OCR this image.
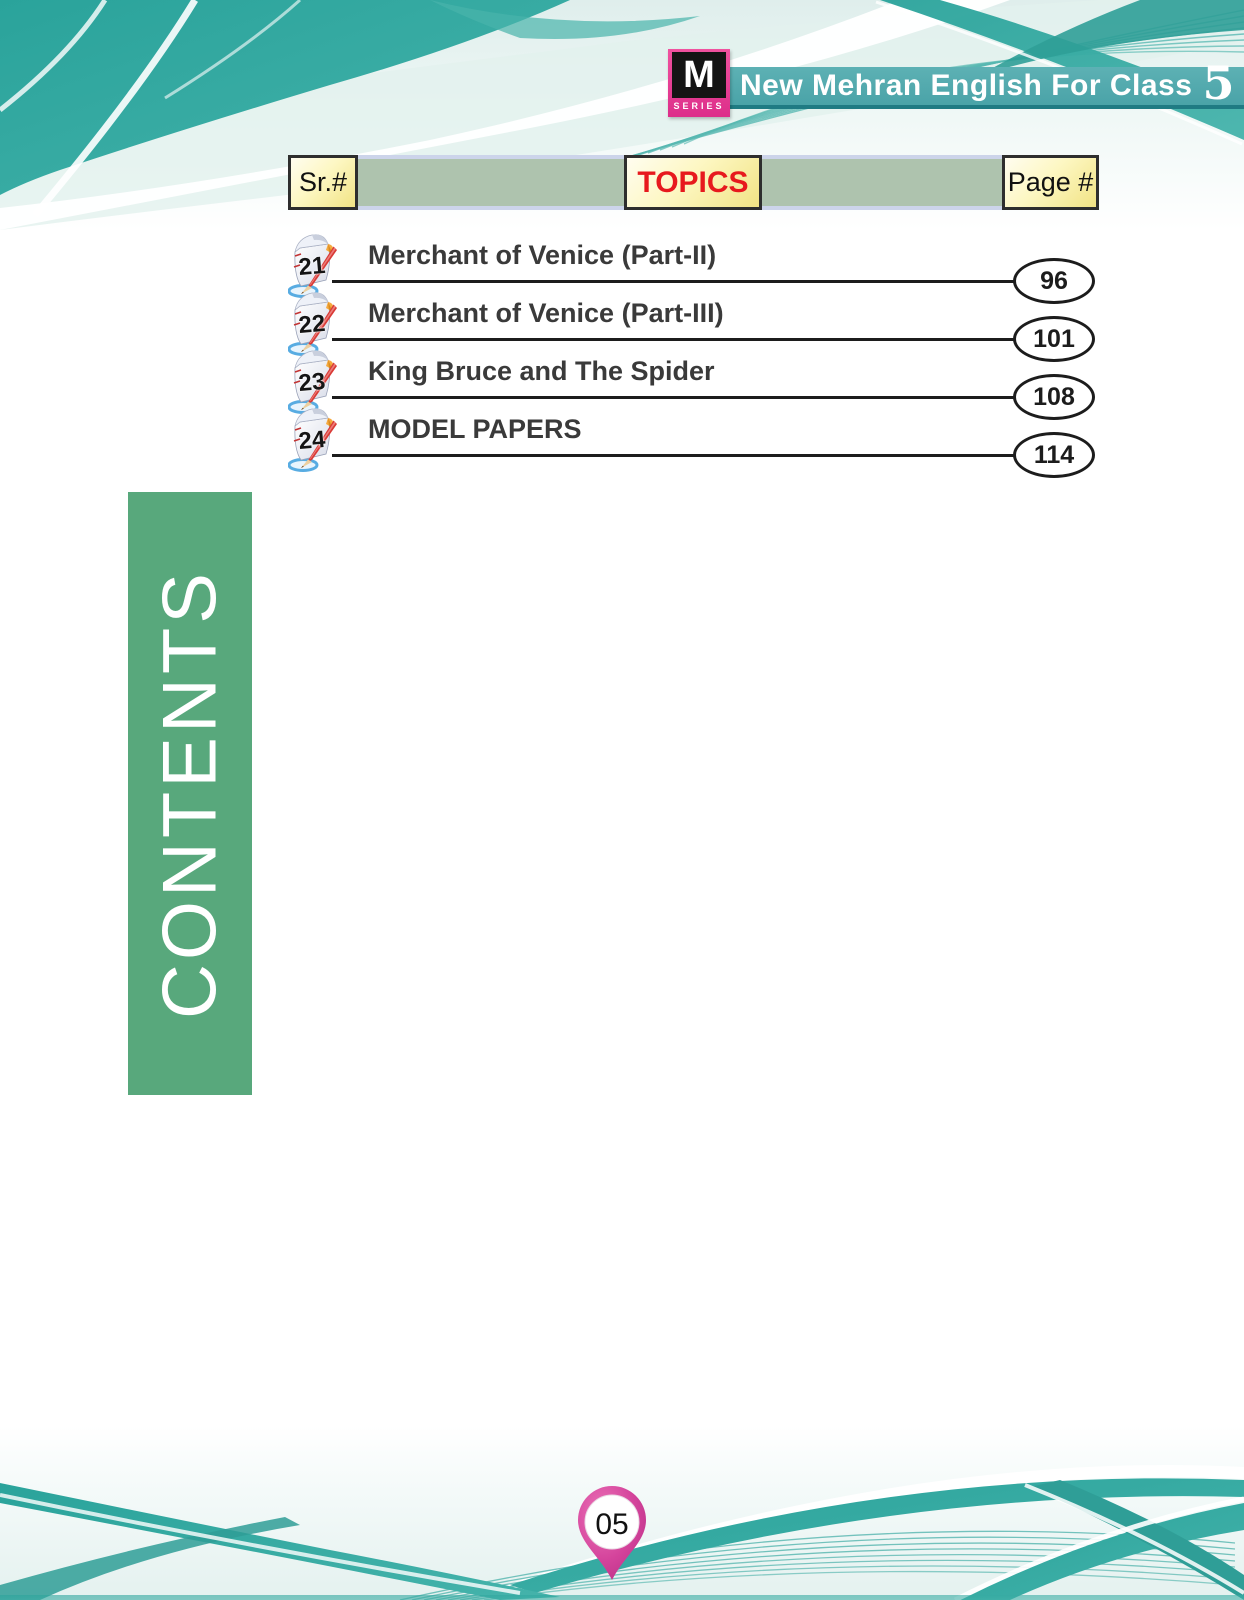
New Mehran English For Class 5
M
SERIES
Sr.#	TOPICS	Page #
21 Merchant of Venice (Part-II)
96
22 Merchant of Venice (Part-III)
101
23 King Bruce and The Spider
108
24 MODEL PAPERS
114
CONTENTS
05
